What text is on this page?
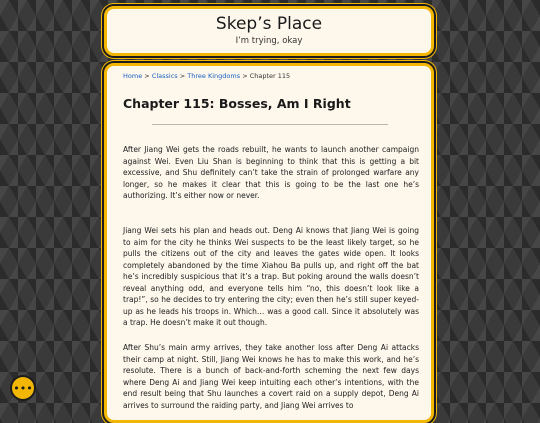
Skep’s Place
I’m trying, okay
Home > Classics > Three Kingdoms > Chapter 115
Chapter 115: Bosses, Am I Right

After Jiang Wei gets the roads rebuilt, he wants to launch another campaign against Wei. Even Liu Shan is beginning to think that this is getting a bit excessive, and Shu definitely can’t take the strain of prolonged warfare any longer, so he makes it clear that this is going to be the last one he’s authorizing. It’s either now or never.

Jiang Wei sets his plan and heads out. Deng Ai knows that Jiang Wei is going to aim for the city he thinks Wei suspects to be the least likely target, so he pulls the citizens out of the city and leaves the gates wide open. It looks completely abandoned by the time Xiahou Ba pulls up, and right off the bat he’s incredibly suspicious that it’s a trap. But poking around the walls doesn’t reveal anything odd, and everyone tells him “no, this doesn’t look like a trap!”, so he decides to try entering the city; even then he’s still super keyed-up as he leads his troops in. Which… was a good call. Since it absolutely was a trap. He doesn’t make it out though.

After Shu’s main army arrives, they take another loss after Deng Ai attacks their camp at night. Still, Jiang Wei knows he has to make this work, and he’s resolute. There is a bunch of back-and-forth scheming the next few days where Deng Ai and Jiang Wei keep intuiting each other’s intentions, with the end result being that Shu launches a covert raid on a supply depot, Deng Ai arrives to surround the raiding party, and Jiang Wei arrives to

•••
